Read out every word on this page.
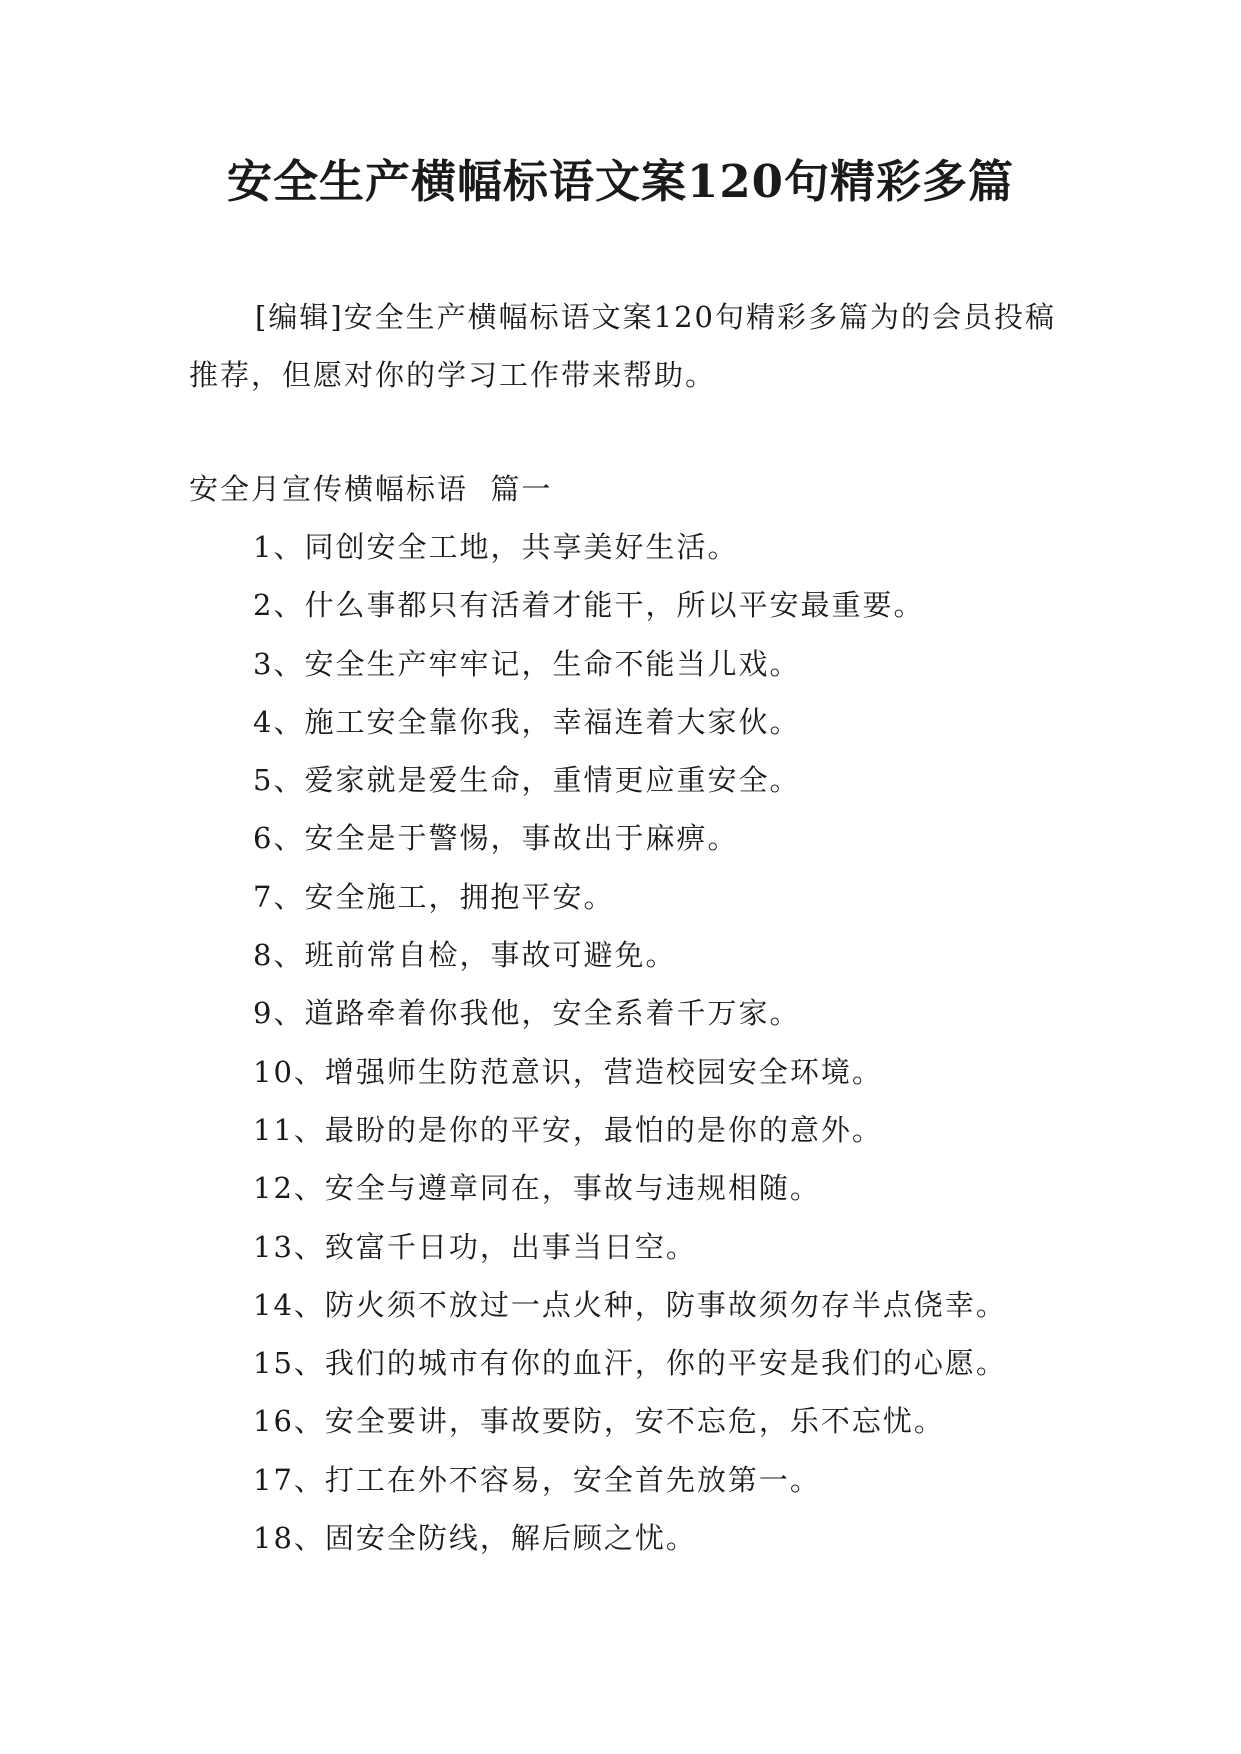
安全生产横幅标语文案120句精彩多篇

[编辑]安全生产横幅标语文案120句精彩多篇为的会员投稿推荐，但愿对你的学习工作带来帮助。

安全月宣传横幅标语  篇一

1、同创安全工地，共享美好生活。
2、什么事都只有活着才能干，所以平安最重要。
3、安全生产牢牢记，生命不能当儿戏。
4、施工安全靠你我，幸福连着大家伙。
5、爱家就是爱生命，重情更应重安全。
6、安全是于警惕，事故出于麻痹。
7、安全施工，拥抱平安。
8、班前常自检，事故可避免。
9、道路牵着你我他，安全系着千万家。
10、增强师生防范意识，营造校园安全环境。
11、最盼的是你的平安，最怕的是你的意外。
12、安全与遵章同在，事故与违规相随。
13、致富千日功，出事当日空。
14、防火须不放过一点火种，防事故须勿存半点侥幸。
15、我们的城市有你的血汗，你的平安是我们的心愿。
16、安全要讲，事故要防，安不忘危，乐不忘忧。
17、打工在外不容易，安全首先放第一。
18、固安全防线，解后顾之忧。
